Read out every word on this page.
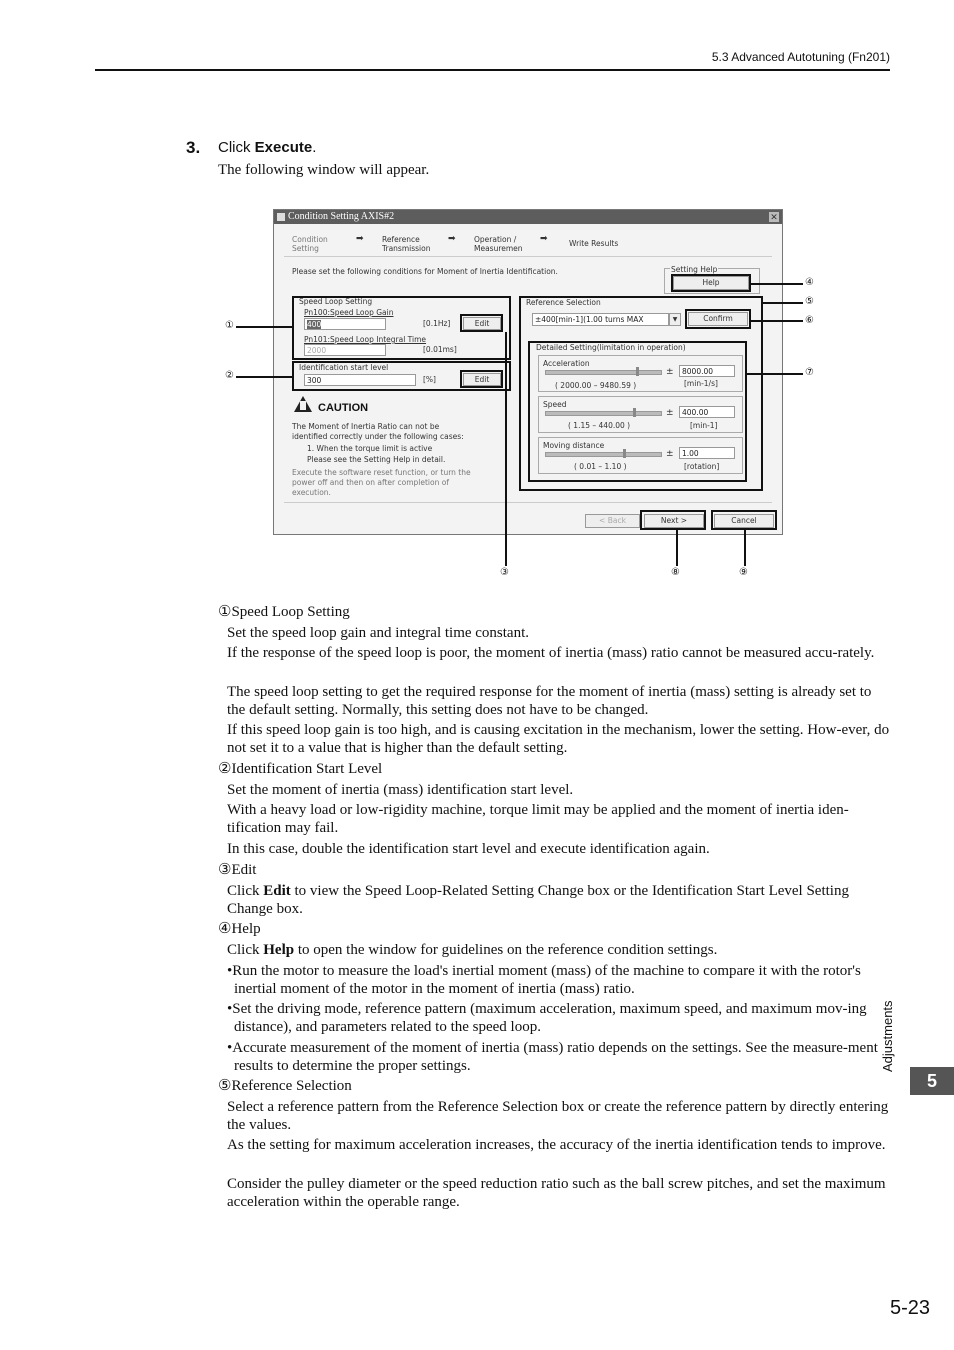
5.3 Advanced Autotuning (Fn201)
3. Click Execute.
The following window will appear.
Condition Setting AXIS#2	✕
Condition
Setting
➡ Reference
Transmission
➡ Operation /
Measuremen
➡	Write Results
Please set the following conditions for Moment of Inertia Identification.	Setting Help
Help
Speed Loop Setting
Pn100:Speed Loop Gain
400	[0.1Hz]	Edit
Pn101:Speed Loop Integral Time
2000	[0.01ms]
Identification start level
300	[%]	Edit
CAUTION
The Moment of Inertia Ratio can not be
identified correctly under the following cases:
1. When the torque limit is active
Please see the Setting Help in detail.
Execute the software reset function, or turn the
power off and then on after completion of
execution.
Reference Selection
±400[min-1](1.00 turns MAX	▼	Confirm
Detailed Setting(limitation in operation)
Acceleration
±	8000.00
( 2000.00 – 9480.59 )	[min-1/s]
Speed
±	400.00
( 1.15 – 440.00 )	[min-1]
Moving distance
±	1.00
( 0.01 – 1.10 )	[rotation]
< Back	Next >	Cancel
①
②
③
④
⑤
⑥
⑦
⑧	⑨
①Speed Loop Setting
Set the speed loop gain and integral time constant.
If the response of the speed loop is poor, the moment of inertia (mass) ratio cannot be measured accu-rately.
The speed loop setting to get the required response for the moment of inertia (mass) setting is already set to the default setting. Normally, this setting does not have to be changed.
If this speed loop gain is too high, and is causing excitation in the mechanism, lower the setting. How-ever, do not set it to a value that is higher than the default setting.
②Identification Start Level
Set the moment of inertia (mass) identification start level.
With a heavy load or low-rigidity machine, torque limit may be applied and the moment of inertia iden-tification may fail.
In this case, double the identification start level and execute identification again.
③Edit
Click Edit to view the Speed Loop-Related Setting Change box or the Identification Start Level Setting Change box.
④Help
Click Help to open the window for guidelines on the reference condition settings.
•Run the motor to measure the load's inertial moment (mass) of the machine to compare it with the rotor's inertial moment of the motor in the moment of inertia (mass) ratio.
•Set the driving mode, reference pattern (maximum acceleration, maximum speed, and maximum mov-ing distance), and parameters related to the speed loop.
•Accurate measurement of the moment of inertia (mass) ratio depends on the settings. See the measure-ment results to determine the proper settings.
⑤Reference Selection
Select a reference pattern from the Reference Selection box or create the reference pattern by directly entering the values.
As the setting for maximum acceleration increases, the accuracy of the inertia identification tends to improve.
Consider the pulley diameter or the speed reduction ratio such as the ball screw pitches, and set the maximum acceleration within the operable range.
Adjustments
5
5-23
